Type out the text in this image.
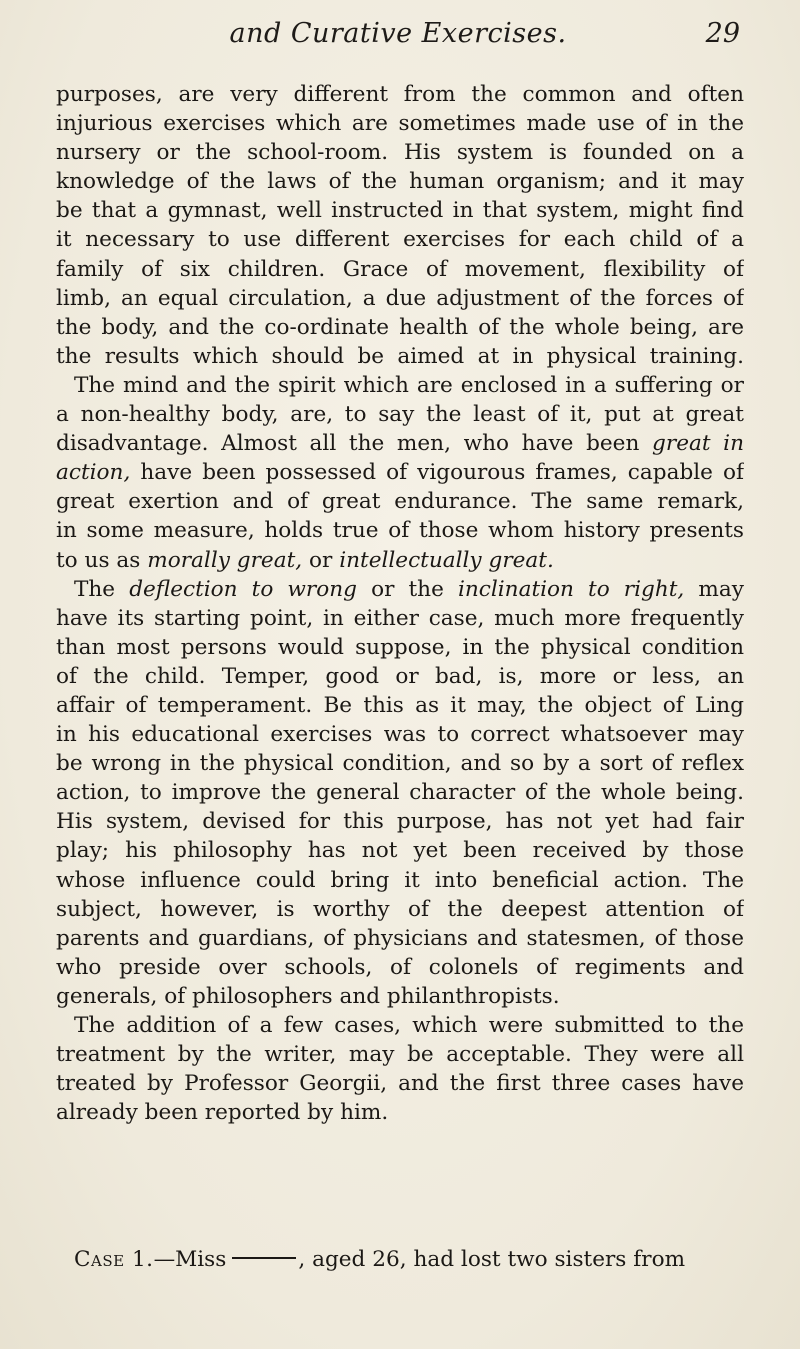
and Curative Exercises.	29
purposes, are very different from the common and often
injurious exercises which are sometimes made use of in the
nursery or the school-room. His system is founded on a
knowledge of the laws of the human organism; and it may
be that a gymnast, well instructed in that system, might find
it necessary to use different exercises for each child of a
family of six children. Grace of movement, flexibility of
limb, an equal circulation, a due adjustment of the forces of
the body, and the co-ordinate health of the whole being, are
the results which should be aimed at in physical training.
The mind and the spirit which are enclosed in a suffering or
a non-healthy body, are, to say the least of it, put at great
disadvantage. Almost all the men, who have been great in
action, have been possessed of vigourous frames, capable of
great exertion and of great endurance. The same remark,
in some measure, holds true of those whom history presents
to us as morally great, or intellectually great.
The deflection to wrong or the inclination to right, may
have its starting point, in either case, much more frequently
than most persons would suppose, in the physical condition
of the child. Temper, good or bad, is, more or less, an
affair of temperament. Be this as it may, the object of Ling
in his educational exercises was to correct whatsoever may
be wrong in the physical condition, and so by a sort of reflex
action, to improve the general character of the whole being.
His system, devised for this purpose, has not yet had fair
play; his philosophy has not yet been received by those
whose influence could bring it into beneficial action. The
subject, however, is worthy of the deepest attention of
parents and guardians, of physicians and statesmen, of those
who preside over schools, of colonels of regiments and
generals, of philosophers and philanthropists.
The addition of a few cases, which were submitted to the
treatment by the writer, may be acceptable. They were all
treated by Professor Georgii, and the first three cases have
already been reported by him.
Case 1.—Miss	, aged 26, had lost two sisters from
